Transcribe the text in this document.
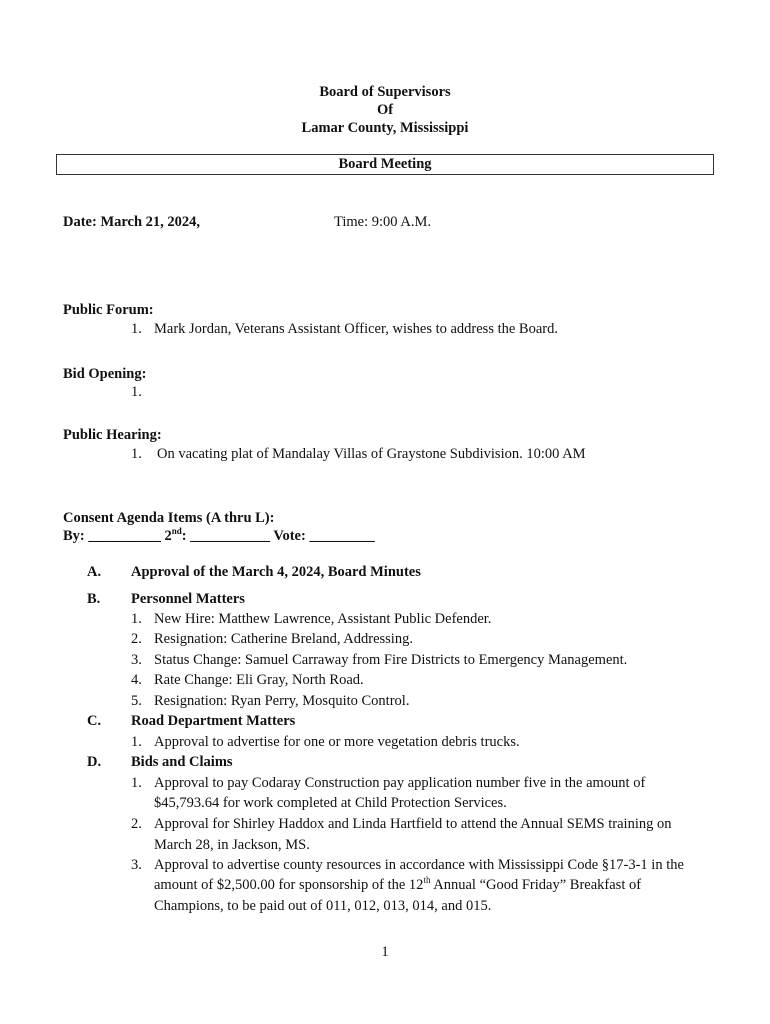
Board of Supervisors
Of
Lamar County, Mississippi
Board Meeting
Date: March 21, 2024,	Time: 9:00 A.M.
Public Forum:
1. Mark Jordan, Veterans Assistant Officer, wishes to address the Board.
Bid Opening:
1.
Public Hearing:
1. On vacating plat of Mandalay Villas of Graystone Subdivision. 10:00 AM
Consent Agenda Items (A thru L):
By: __________ 2nd: ___________ Vote: _________
A. Approval of the March 4, 2024, Board Minutes
B. Personnel Matters
1. New Hire: Matthew Lawrence, Assistant Public Defender.
2. Resignation: Catherine Breland, Addressing.
3. Status Change: Samuel Carraway from Fire Districts to Emergency Management.
4. Rate Change: Eli Gray, North Road.
5. Resignation: Ryan Perry, Mosquito Control.
C. Road Department Matters
1. Approval to advertise for one or more vegetation debris trucks.
D. Bids and Claims
1. Approval to pay Codaray Construction pay application number five in the amount of
$45,793.64 for work completed at Child Protection Services.
2. Approval for Shirley Haddox and Linda Hartfield to attend the Annual SEMS training on
March 28, in Jackson, MS.
3. Approval to advertise county resources in accordance with Mississippi Code §17-3-1 in the
amount of $2,500.00 for sponsorship of the 12th Annual “Good Friday” Breakfast of
Champions, to be paid out of 011, 012, 013, 014, and 015.
1
